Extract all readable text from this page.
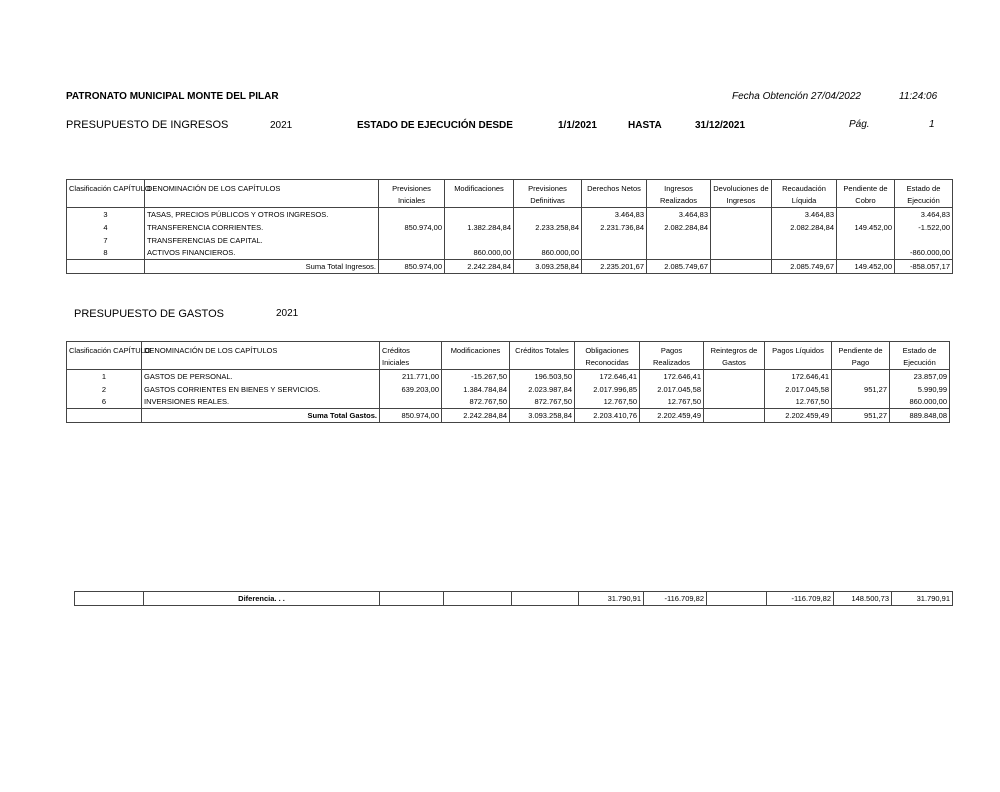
PATRONATO MUNICIPAL MONTE DEL PILAR	Fecha Obtención 27/04/2022	11:24:06
PRESUPUESTO DE INGRESOS	2021	ESTADO DE EJECUCIÓN DESDE	1/1/2021	HASTA	31/12/2021	Pág.	1
Clasificación CAPÍTULO	DENOMINACIÓN DE LOS CAPÍTULOS	Previsiones Iniciales	Modificaciones	Previsiones Definitivas	Derechos Netos	Ingresos Realizados	Devoluciones de Ingresos	Recaudación Líquida	Pendiente de Cobro	Estado de Ejecución
3	TASAS, PRECIOS PÚBLICOS Y OTROS INGRESOS.				3.464,83	3.464,83		3.464,83		3.464,83
4	TRANSFERENCIA CORRIENTES.	850.974,00	1.382.284,84	2.233.258,84	2.231.736,84	2.082.284,84		2.082.284,84	149.452,00	-1.522,00
7	TRANSFERENCIAS DE CAPITAL.									
8	ACTIVOS FINANCIEROS.		860.000,00	860.000,00						-860.000,00
	Suma Total Ingresos.	850.974,00	2.242.284,84	3.093.258,84	2.235.201,67	2.085.749,67		2.085.749,67	149.452,00	-858.057,17
PRESUPUESTO DE GASTOS	2021
Clasificación CAPÍTULO	DENOMINACIÓN DE LOS CAPÍTULOS	Créditos Iniciales	Modificaciones	Créditos Totales	Obligaciones Reconocidas	Pagos Realizados	Reintegros de Gastos	Pagos Líquidos	Pendiente de Pago	Estado de Ejecución
1	GASTOS DE PERSONAL.	211.771,00	-15.267,50	196.503,50	172.646,41	172.646,41		172.646,41		23.857,09
2	GASTOS CORRIENTES EN BIENES Y SERVICIOS.	639.203,00	1.384.784,84	2.023.987,84	2.017.996,85	2.017.045,58		2.017.045,58	951,27	5.990,99
6	INVERSIONES REALES.		872.767,50	872.767,50	12.767,50	12.767,50		12.767,50		860.000,00
	Suma Total Gastos.	850.974,00	2.242.284,84	3.093.258,84	2.203.410,76	2.202.459,49		2.202.459,49	951,27	889.848,08
	Diferencia. . .				31.790,91	-116.709,82		-116.709,82	148.500,73	31.790,91
